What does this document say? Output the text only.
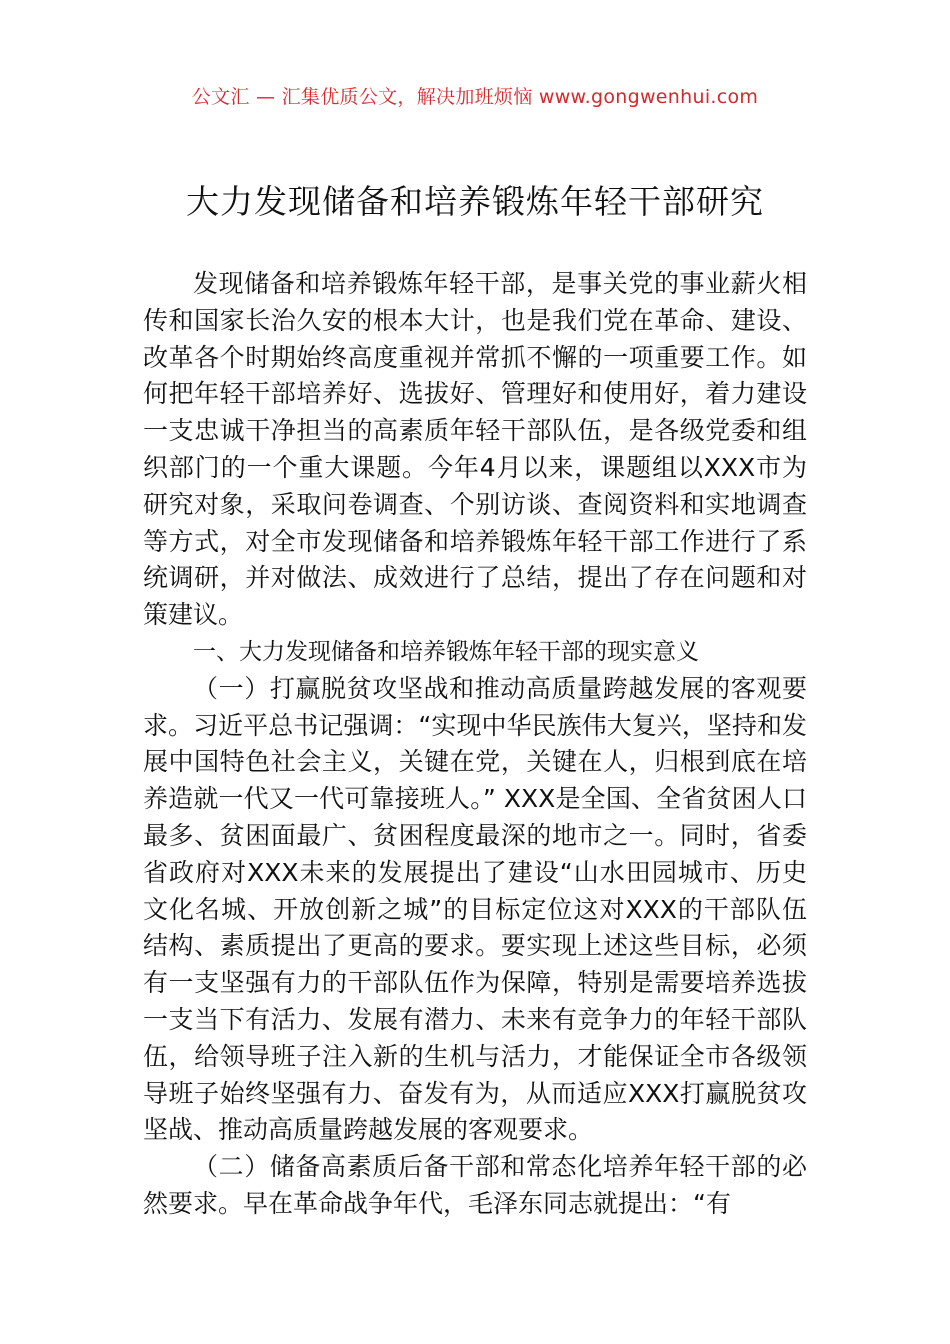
公文汇 — 汇集优质公文，解决加班烦恼 www.gongwenhui.com
大力发现储备和培养锻炼年轻干部研究

发现储备和培养锻炼年轻干部，是事关党的事业薪火相传和国家长治久安的根本大计，也是我们党在革命、建设、改革各个时期始终高度重视并常抓不懈的一项重要工作。如何把年轻干部培养好、选拔好、管理好和使用好，着力建设一支忠诚干净担当的高素质年轻干部队伍，是各级党委和组织部门的一个重大课题。今年4月以来，课题组以XXX市为研究对象，采取问卷调查、个别访谈、查阅资料和实地调查等方式，对全市发现储备和培养锻炼年轻干部工作进行了系统调研，并对做法、成效进行了总结，提出了存在问题和对策建议。

一、大力发现储备和培养锻炼年轻干部的现实意义

（一）打赢脱贫攻坚战和推动高质量跨越发展的客观要求。习近平总书记强调：“实现中华民族伟大复兴，坚持和发展中国特色社会主义，关键在党，关键在人，归根到底在培养造就一代又一代可靠接班人。” XXX是全国、全省贫困人口最多、贫困面最广、贫困程度最深的地市之一。同时，省委省政府对XXX未来的发展提出了建设“山水田园城市、历史文化名城、开放创新之城”的目标定位这对XXX的干部队伍结构、素质提出了更高的要求。要实现上述这些目标，必须有一支坚强有力的干部队伍作为保障，特别是需要培养选拔一支当下有活力、发展有潜力、未来有竞争力的年轻干部队伍，给领导班子注入新的生机与活力，才能保证全市各级领导班子始终坚强有力、奋发有为，从而适应XXX打赢脱贫攻坚战、推动高质量跨越发展的客观要求。

（二）储备高素质后备干部和常态化培养年轻干部的必然要求。早在革命战争年代，毛泽东同志就提出：“有
